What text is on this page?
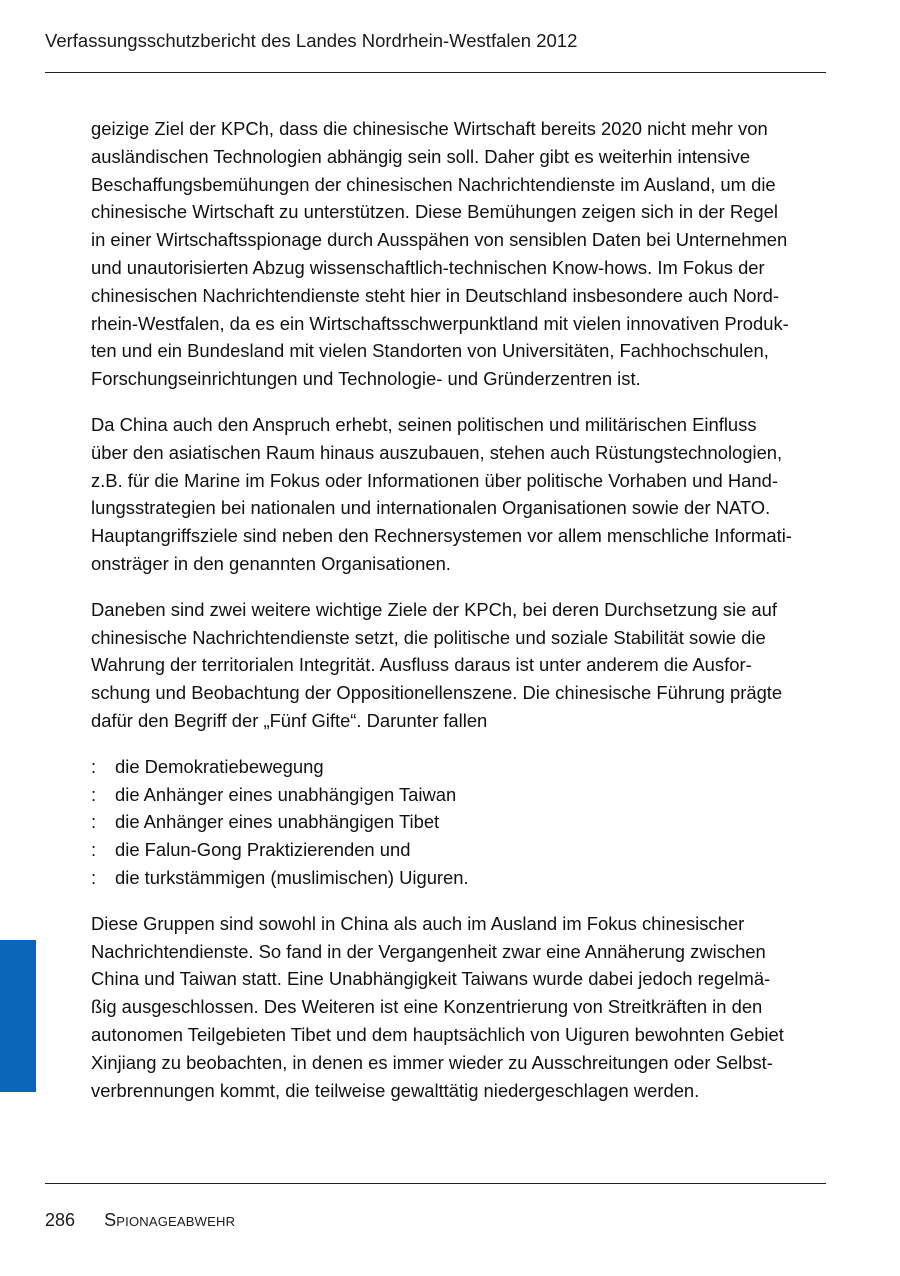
Verfassungsschutzbericht des Landes Nordrhein-Westfalen 2012

geizige Ziel der KPCh, dass die chinesische Wirtschaft bereits 2020 nicht mehr von
ausländischen Technologien abhängig sein soll. Daher gibt es weiterhin intensive
Beschaffungsbemühungen der chinesischen Nachrichtendienste im Ausland, um die
chinesische Wirtschaft zu unterstützen. Diese Bemühungen zeigen sich in der Regel
in einer Wirtschaftsspionage durch Ausspähen von sensiblen Daten bei Unternehmen
und unautorisierten Abzug wissenschaftlich-technischen Know-hows. Im Fokus der
chinesischen Nachrichtendienste steht hier in Deutschland insbesondere auch Nord-
rhein-Westfalen, da es ein Wirtschaftsschwerpunktland mit vielen innovativen Produk-
ten und ein Bundesland mit vielen Standorten von Universitäten, Fachhochschulen,
Forschungseinrichtungen und Technologie- und Gründerzentren ist.

Da China auch den Anspruch erhebt, seinen politischen und militärischen Einfluss
über den asiatischen Raum hinaus auszubauen, stehen auch Rüstungstechnologien,
z.B. für die Marine im Fokus oder Informationen über politische Vorhaben und Hand-
lungsstrategien bei nationalen und internationalen Organisationen sowie der NATO.
Hauptangriffsziele sind neben den Rechnersystemen vor allem menschliche Informati-
onsträger in den genannten Organisationen.

Daneben sind zwei weitere wichtige Ziele der KPCh, bei deren Durchsetzung sie auf
chinesische Nachrichtendienste setzt, die politische und soziale Stabilität sowie die
Wahrung der territorialen Integrität. Ausfluss daraus ist unter anderem die Ausfor-
schung und Beobachtung der Oppositionellenszene. Die chinesische Führung prägte
dafür den Begriff der „Fünf Gifte“. Darunter fallen

: die Demokratiebewegung
: die Anhänger eines unabhängigen Taiwan
: die Anhänger eines unabhängigen Tibet
: die Falun-Gong Praktizierenden und
: die turkstämmigen (muslimischen) Uiguren.

Diese Gruppen sind sowohl in China als auch im Ausland im Fokus chinesischer
Nachrichtendienste. So fand in der Vergangenheit zwar eine Annäherung zwischen
China und Taiwan statt. Eine Unabhängigkeit Taiwans wurde dabei jedoch regelmä-
ßig ausgeschlossen. Des Weiteren ist eine Konzentrierung von Streitkräften in den
autonomen Teilgebieten Tibet und dem hauptsächlich von Uiguren bewohnten Gebiet
Xinjiang zu beobachten, in denen es immer wieder zu Ausschreitungen oder Selbst-
verbrennungen kommt, die teilweise gewalttätig niedergeschlagen werden.

286 Spionageabwehr
